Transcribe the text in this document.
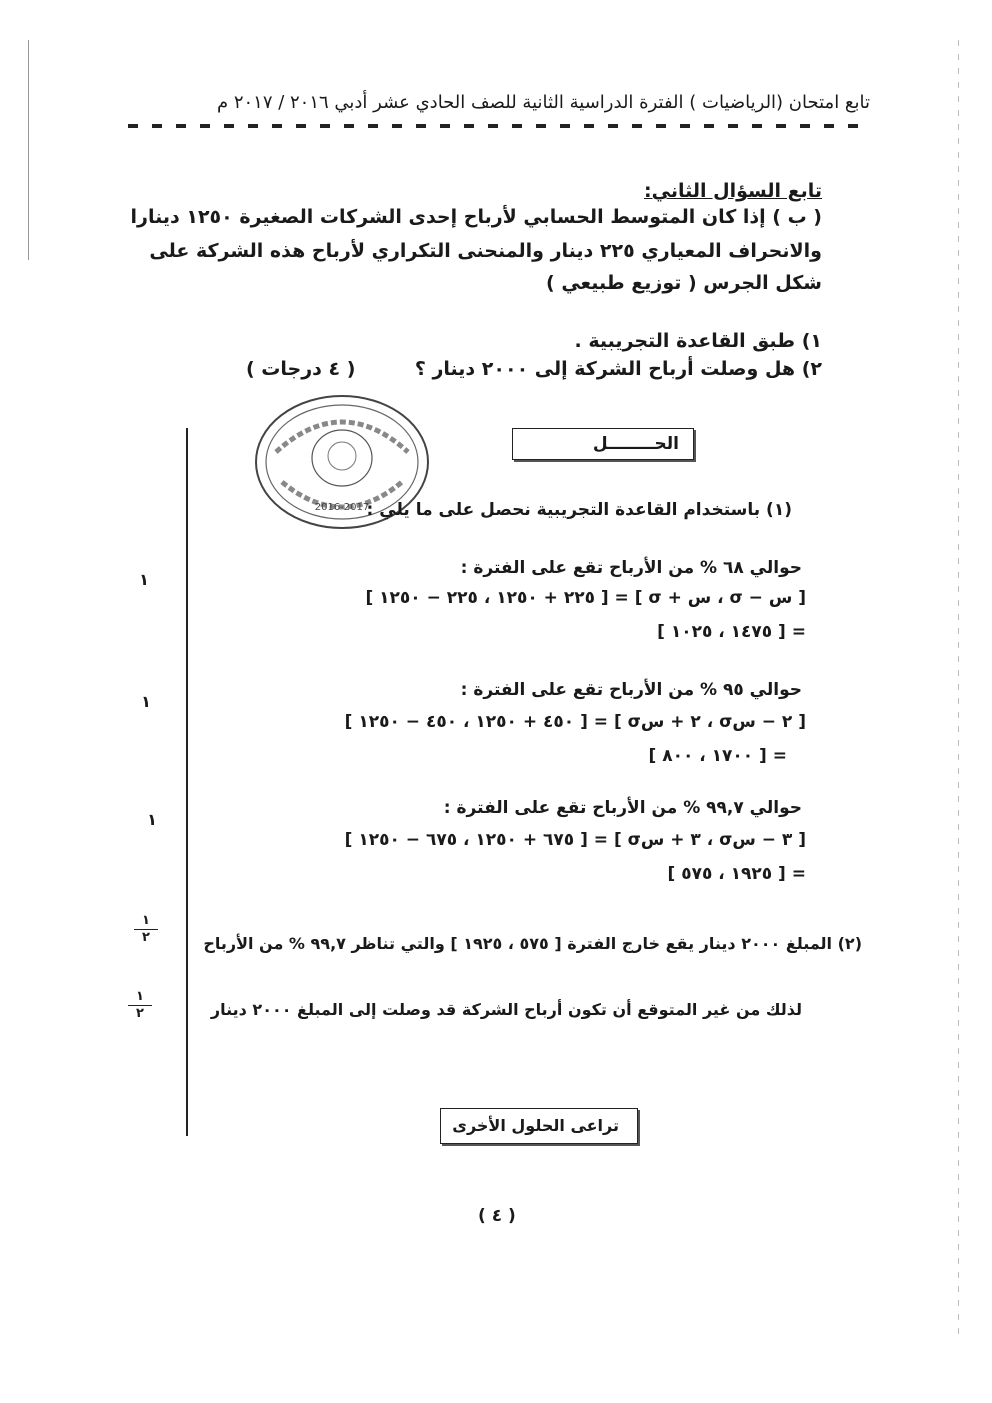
تابع امتحان (الرياضيات ) الفترة الدراسية الثانية للصف الحادي عشر أدبي ٢٠١٦ / ٢٠١٧ م
تابع السؤال الثاني:
( ب ) إذا كان المتوسط الحسابي لأرباح إحدى الشركات الصغيرة ١٢٥٠ دينارا
والانحراف المعياري ٢٢٥ دينار والمنحنى التكراري لأرباح هذه الشركة على
شكل الجرس ( توزيع طبيعي )
١) طبق القاعدة التجريبية .
٢) هل وصلت أرباح الشركة إلى ٢٠٠٠ دينار ؟
( ٤ درجات )
2016-2017
الحــــــــل
(١) باستخدام القاعدة التجريبية نحصل على ما يلي :
حوالي ٦٨ % من الأرباح تقع على الفترة :
[ ٢٢٥ + ١٢٥٠ ، ٢٢٥ − ١٢٥٠ ] = [ σ + س ، σ − س ]
[ ١٤٧٥ ، ١٠٢٥ ] =
حوالي ٩٥ % من الأرباح تقع على الفترة :
[ ٤٥٠ + ١٢٥٠ ، ٤٥٠ − ١٢٥٠ ] = [ σ٢ + س ، σ٢ − س ]
[ ١٧٠٠ ، ٨٠٠ ] =
حوالي ٩٩,٧ % من الأرباح تقع على الفترة :
[ ٦٧٥ + ١٢٥٠ ، ٦٧٥ − ١٢٥٠ ] = [ σ٣ + س ، σ٣ − س ]
[ ١٩٢٥ ، ٥٧٥ ] =
(٢) المبلغ ٢٠٠٠ دينار يقع خارج الفترة [ ٥٧٥ ، ١٩٢٥ ] والتي تناظر ٩٩,٧ % من الأرباح
لذلك من غير المتوقع أن تكون أرباح الشركة قد وصلت إلى المبلغ ٢٠٠٠ دينار
١
١
١
١
٢
١
٢
تراعى الحلول الأخرى
( ٤ )
